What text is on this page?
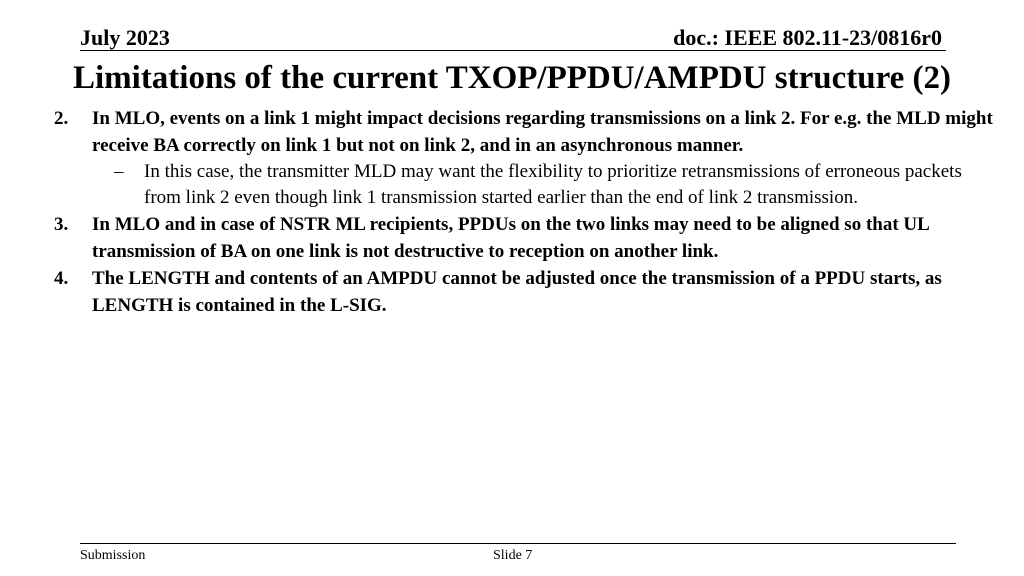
July 2023	doc.: IEEE 802.11-23/0816r0
Limitations of the current TXOP/PPDU/AMPDU structure (2)
2.	In MLO, events on a link 1 might impact decisions regarding transmissions on a link 2. For e.g. the MLD might receive BA correctly on link 1 but not on link 2, and in an asynchronous manner.
–	In this case, the transmitter MLD may want the flexibility to prioritize retransmissions of erroneous packets from link 2 even though link 1 transmission started earlier than the end of link 2 transmission.
3.	In MLO and in case of NSTR ML recipients, PPDUs on the two links may need to be aligned so that UL transmission of BA on one link is not destructive to reception on another link.
4.	The LENGTH and contents of an AMPDU cannot be adjusted once the transmission of a PPDU starts, as LENGTH is contained in the L-SIG.
Submission	Slide 7
